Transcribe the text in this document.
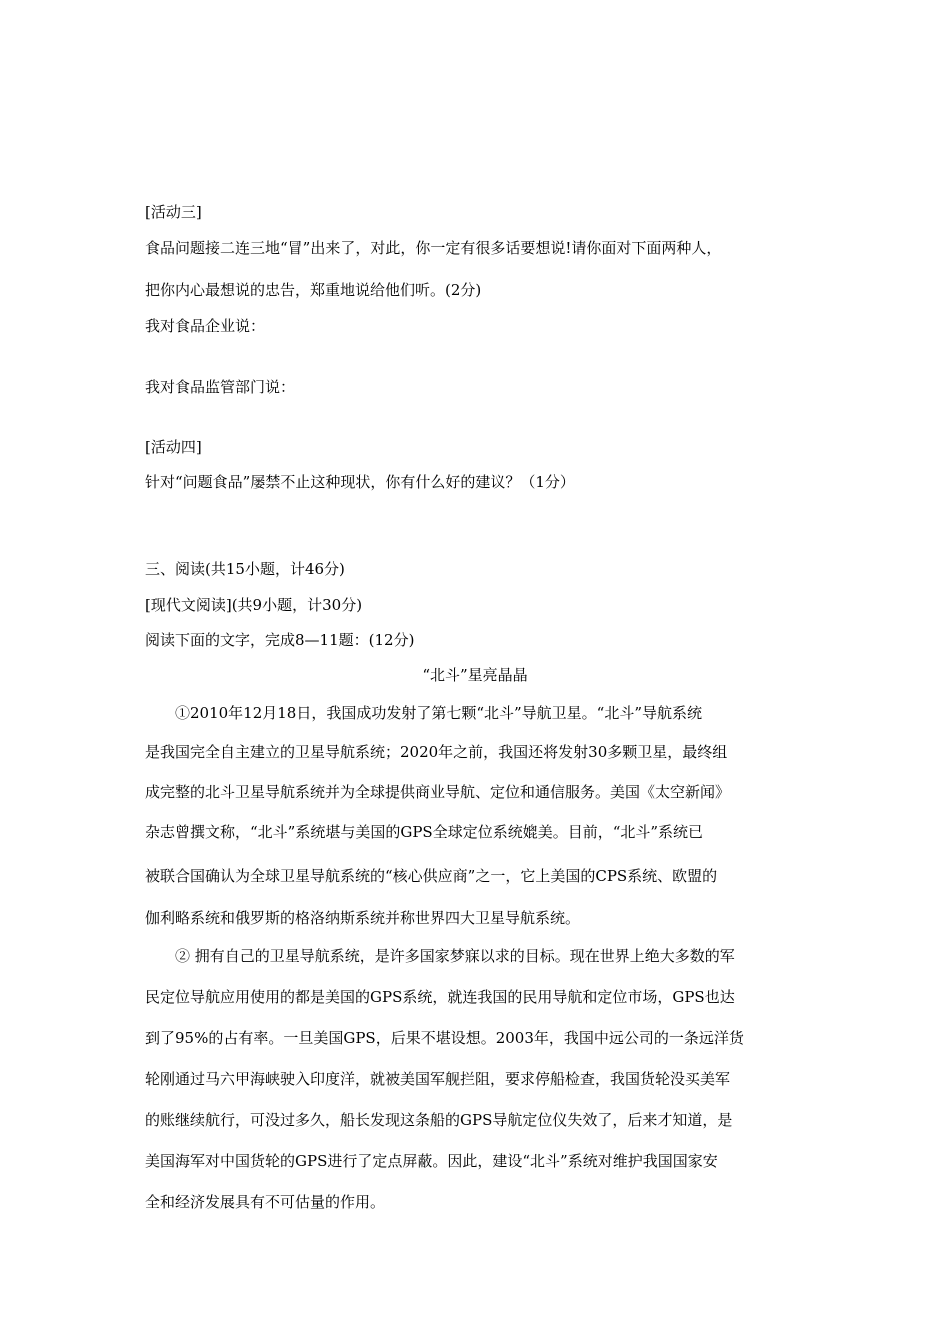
[活动三]
食品问题接二连三地“冒”出来了，对此，你一定有很多话要想说!请你面对下面两种人，
把你内心最想说的忠告，郑重地说给他们听。(2分)
我对食品企业说：
我对食品监管部门说：
[活动四]
针对“问题食品”屡禁不止这种现状，你有什么好的建议？（1分）
三、阅读(共15小题，计46分)
[现代文阅读](共9小题，计30分)
阅读下面的文字，完成8—11题：(12分)
“北斗”星亮晶晶
①2010年12月18日，我国成功发射了第七颗“北斗”导航卫星。“北斗”导航系统
是我国完全自主建立的卫星导航系统；2020年之前，我国还将发射30多颗卫星，最终组
成完整的北斗卫星导航系统并为全球提供商业导航、定位和通信服务。美国《太空新闻》
杂志曾撰文称，“北斗”系统堪与美国的GPS全球定位系统媲美。目前，“北斗”系统已
被联合国确认为全球卫星导航系统的“核心供应商”之一，它上美国的CPS系统、欧盟的
伽利略系统和俄罗斯的格洛纳斯系统并称世界四大卫星导航系统。
② 拥有自己的卫星导航系统，是许多国家梦寐以求的目标。现在世界上绝大多数的军
民定位导航应用使用的都是美国的GPS系统，就连我国的民用导航和定位市场，GPS也达
到了95%的占有率。一旦美国GPS，后果不堪设想。2003年，我国中远公司的一条远洋货
轮刚通过马六甲海峡驶入印度洋，就被美国军舰拦阻，要求停船检查，我国货轮没买美军
的账继续航行，可没过多久，船长发现这条船的GPS导航定位仪失效了，后来才知道，是
美国海军对中国货轮的GPS进行了定点屏蔽。因此，建设“北斗”系统对维护我国国家安
全和经济发展具有不可估量的作用。
